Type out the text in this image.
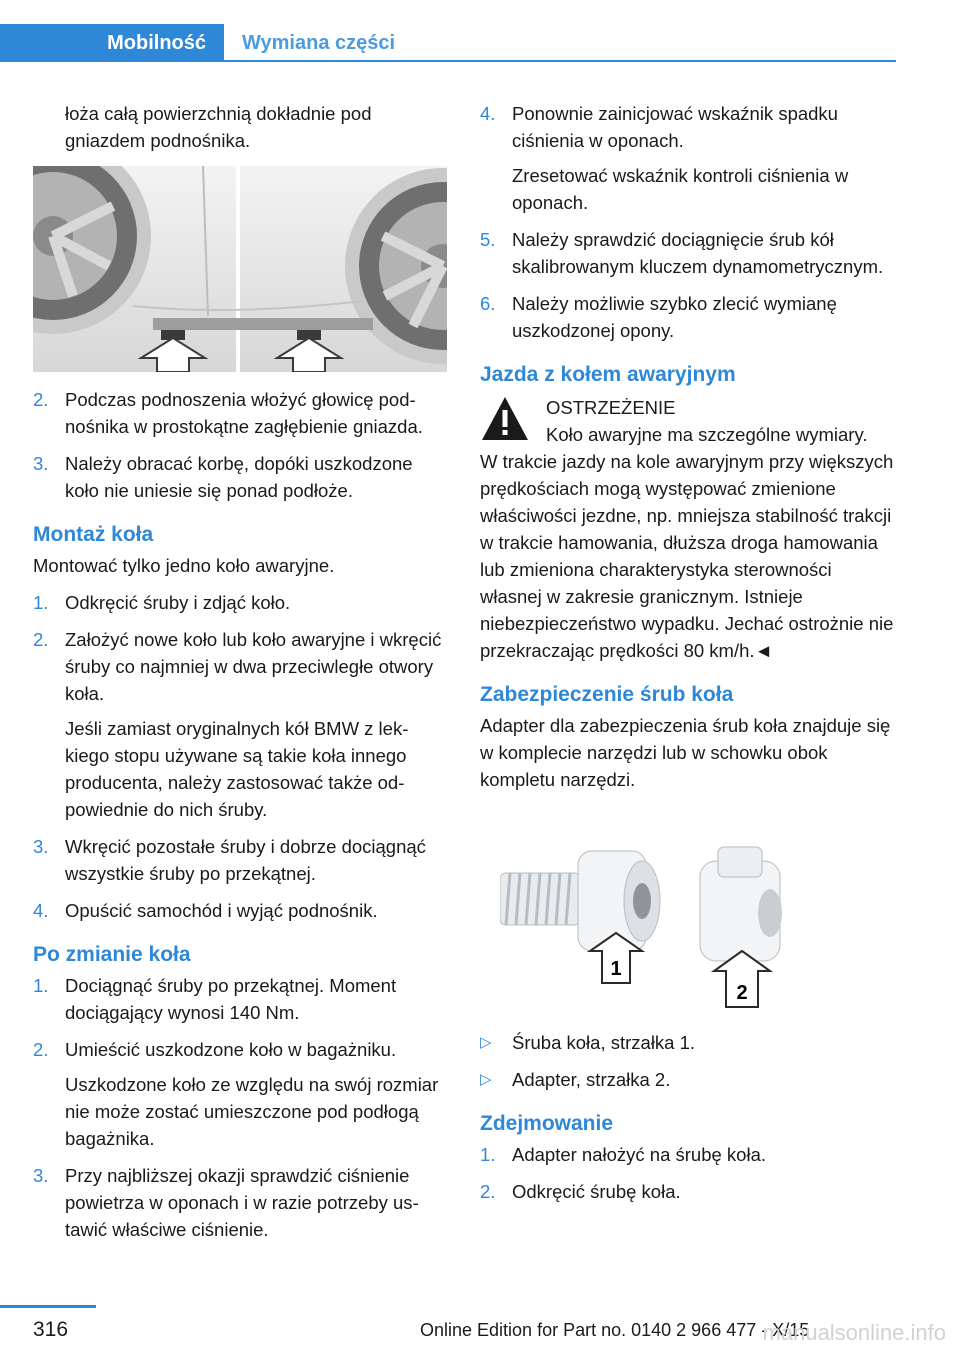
Mobilność	Wymiana części

łoża całą powierzchnią dokładnie pod gniazdem podnośnika.

2. Podczas podnoszenia włożyć głowicę podnośnika w prostokątne zagłębienie gniazda.
3. Należy obracać korbę, dopóki uszkodzone koło nie uniesie się ponad podłoże.
Montaż koła

Montować tylko jedno koło awaryjne.

1. Odkręcić śruby i zdjąć koło.
2. Założyć nowe koło lub koło awaryjne i wkręcić śruby co najmniej w dwa przeciwległe otwory koła.

Jeśli zamiast oryginalnych kół BMW z lekkiego stopu używane są takie koła innego producenta, należy zastosować także odpowiednie do nich śruby.

3. Wkręcić pozostałe śruby i dobrze dociągnąć wszystkie śruby po przekątnej.
4. Opuścić samochód i wyjąć podnośnik.
Po zmianie koła
1. Dociągnąć śruby po przekątnej. Moment dociągający wynosi 140 Nm.
2. Umieścić uszkodzone koło w bagażniku.

Uszkodzone koło ze względu na swój rozmiar nie może zostać umieszczone pod podłogą bagażnika.

3. Przy najbliższej okazji sprawdzić ciśnienie powietrza w oponach i w razie potrzeby ustawić właściwe ciśnienie.
4. Ponownie zainicjować wskaźnik spadku ciśnienia w oponach.

Zresetować wskaźnik kontroli ciśnienia w oponach.

5. Należy sprawdzić dociągnięcie śrub kół skalibrowanym kluczem dynamometrycznym.
6. Należy możliwie szybko zlecić wymianę uszkodzonej opony.
Jazda z kołem awaryjnym

OSTRZEŻENIE

Koło awaryjne ma szczególne wymiary.

W trakcie jazdy na kole awaryjnym przy większych prędkościach mogą występować zmienione właściwości jezdne, np. mniejsza stabilność trakcji w trakcie hamowania, dłuższa droga hamowania lub zmieniona charakterystyka sterowności własnej w zakresie granicznym. Istnieje niebezpieczeństwo wypadku. Jechać ostrożnie nie przekraczając prędkości 80 km/h.◄

Zabezpieczenie śrub koła

Adapter dla zabezpieczenia śrub koła znajduje się w komplecie narzędzi lub w schowku obok kompletu narzędzi.

1
2
▷	Śruba koła, strzałka 1.
▷	Adapter, strzałka 2.
Zdejmowanie
1. Adapter nałożyć na śrubę koła.
2. Odkręcić śrubę koła.
316	Online Edition for Part no. 0140 2 966 477 - X/15
manualsonline.info
